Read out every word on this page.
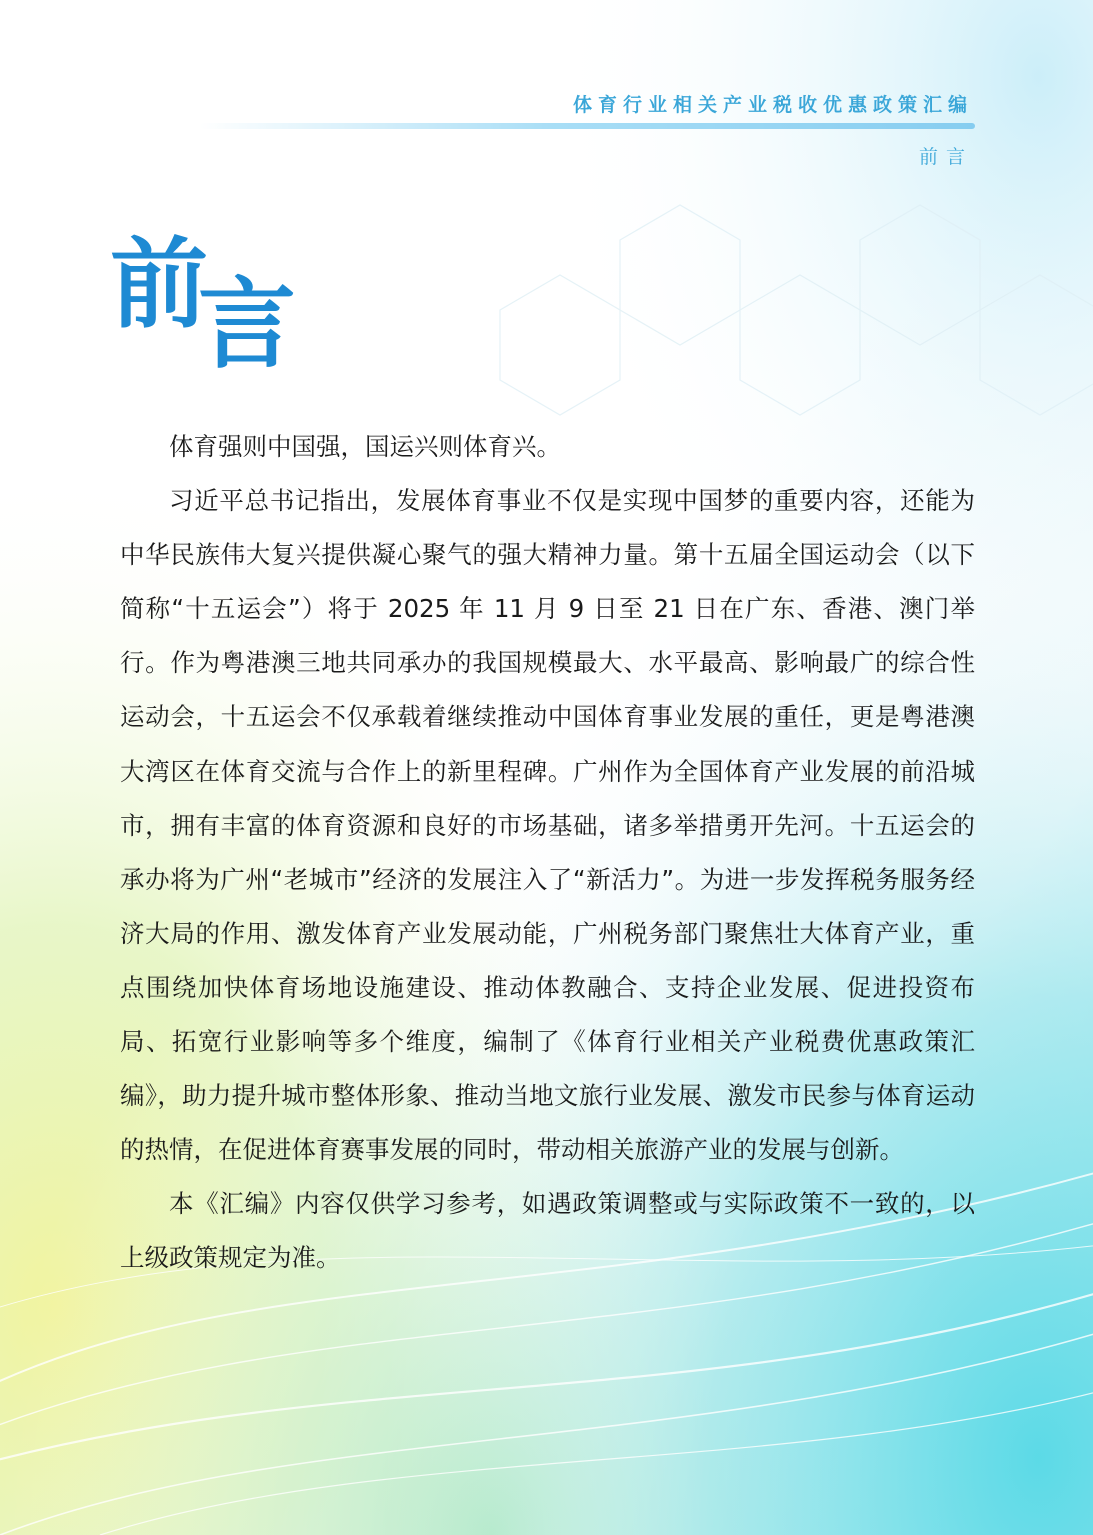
体育行业相关产业税收优惠政策汇编
前言
前
言

体育强则中国强，国运兴则体育兴。

习近平总书记指出，发展体育事业不仅是实现中国梦的重要内容，还能为中华民族伟大复兴提供凝心聚气的强大精神力量。第十五届全国运动会（以下简称“十五运会”）将于 2025 年 11 月 9 日至 21 日在广东、香港、澳门举行。作为粤港澳三地共同承办的我国规模最大、水平最高、影响最广的综合性运动会，十五运会不仅承载着继续推动中国体育事业发展的重任，更是粤港澳大湾区在体育交流与合作上的新里程碑。广州作为全国体育产业发展的前沿城市，拥有丰富的体育资源和良好的市场基础，诸多举措勇开先河。十五运会的承办将为广州“老城市”经济的发展注入了“新活力”。为进一步发挥税务服务经济大局的作用、激发体育产业发展动能，广州税务部门聚焦壮大体育产业，重点围绕加快体育场地设施建设、推动体教融合、支持企业发展、促进投资布局、拓宽行业影响等多个维度，编制了《体育行业相关产业税费优惠政策汇编》，助力提升城市整体形象、推动当地文旅行业发展、激发市民参与体育运动的热情，在促进体育赛事发展的同时，带动相关旅游产业的发展与创新。

本《汇编》内容仅供学习参考，如遇政策调整或与实际政策不一致的，以上级政策规定为准。
